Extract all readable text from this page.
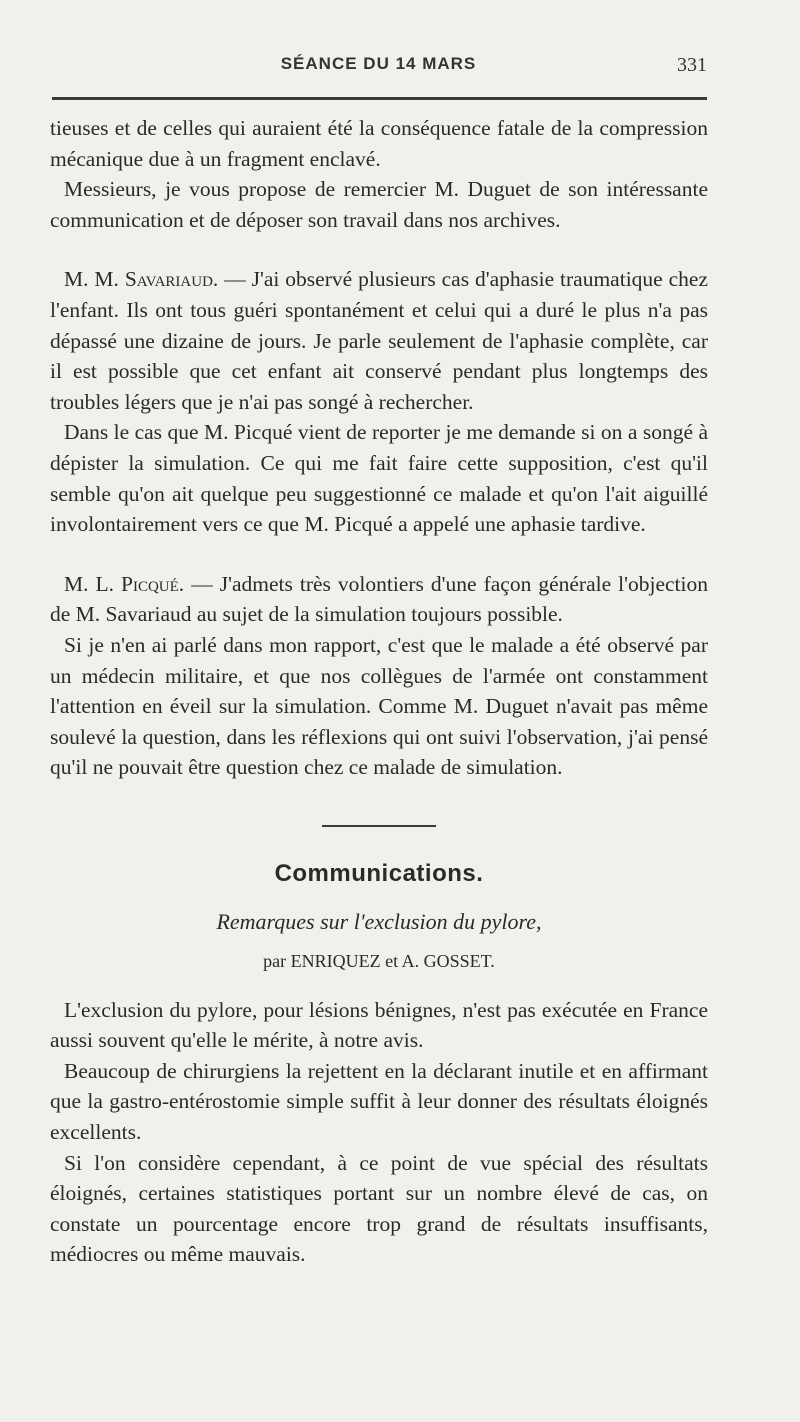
SÉANCE DU 14 MARS	331

tieuses et de celles qui auraient été la conséquence fatale de la compression mécanique due à un fragment enclavé.

Messieurs, je vous propose de remercier M. Duguet de son intéressante communication et de déposer son travail dans nos archives.

M. M. Savariaud. — J'ai observé plusieurs cas d'aphasie traumatique chez l'enfant. Ils ont tous guéri spontanément et celui qui a duré le plus n'a pas dépassé une dizaine de jours. Je parle seulement de l'aphasie complète, car il est possible que cet enfant ait conservé pendant plus longtemps des troubles légers que je n'ai pas songé à rechercher.

Dans le cas que M. Picqué vient de reporter je me demande si on a songé à dépister la simulation. Ce qui me fait faire cette supposition, c'est qu'il semble qu'on ait quelque peu suggestionné ce malade et qu'on l'ait aiguillé involontairement vers ce que M. Picqué a appelé une aphasie tardive.

M. L. Picqué. — J'admets très volontiers d'une façon générale l'objection de M. Savariaud au sujet de la simulation toujours possible.

Si je n'en ai parlé dans mon rapport, c'est que le malade a été observé par un médecin militaire, et que nos collègues de l'armée ont constamment l'attention en éveil sur la simulation. Comme M. Duguet n'avait pas même soulevé la question, dans les réflexions qui ont suivi l'observation, j'ai pensé qu'il ne pouvait être question chez ce malade de simulation.

Communications.
Remarques sur l'exclusion du pylore,
par ENRIQUEZ et A. GOSSET.

L'exclusion du pylore, pour lésions bénignes, n'est pas exécutée en France aussi souvent qu'elle le mérite, à notre avis.

Beaucoup de chirurgiens la rejettent en la déclarant inutile et en affirmant que la gastro-entérostomie simple suffit à leur donner des résultats éloignés excellents.

Si l'on considère cependant, à ce point de vue spécial des résultats éloignés, certaines statistiques portant sur un nombre élevé de cas, on constate un pourcentage encore trop grand de résultats insuffisants, médiocres ou même mauvais.
